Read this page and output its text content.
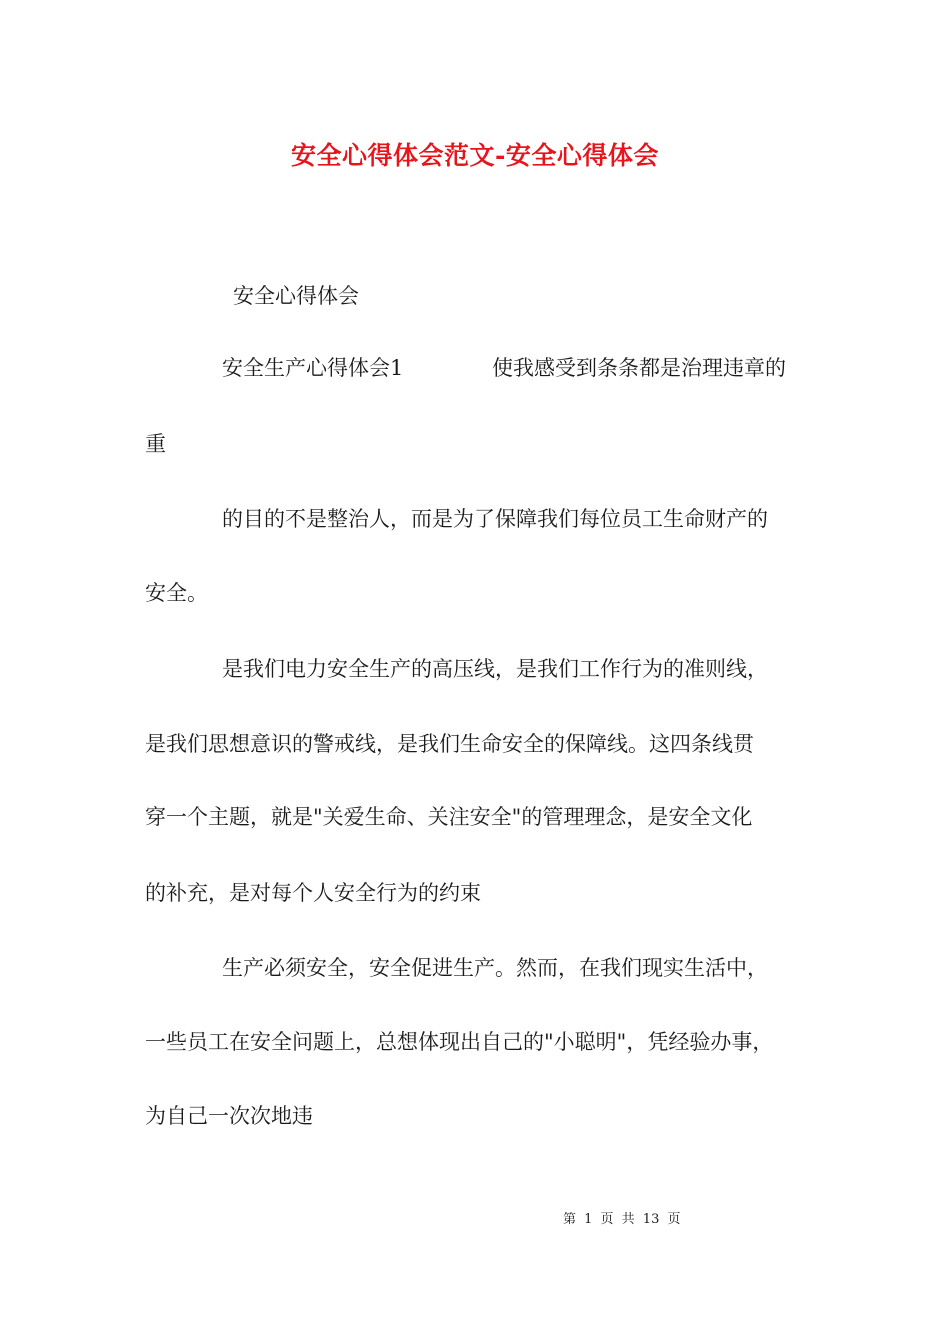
安全心得体会范文-安全心得体会
安全心得体会
安全生产心得体会1	使我感受到条条都是治理违章的
重
的目的不是整治人，而是为了保障我们每位员工生命财产的
安全。
是我们电力安全生产的高压线，是我们工作行为的准则线，
是我们思想意识的警戒线，是我们生命安全的保障线。这四条线贯
穿一个主题，就是"关爱生命、关注安全"的管理理念，是安全文化
的补充，是对每个人安全行为的约束
生产必须安全，安全促进生产。然而，在我们现实生活中，
一些员工在安全问题上，总想体现出自己的"小聪明"，凭经验办事，
为自己一次次地违
第 1 页 共 13 页
